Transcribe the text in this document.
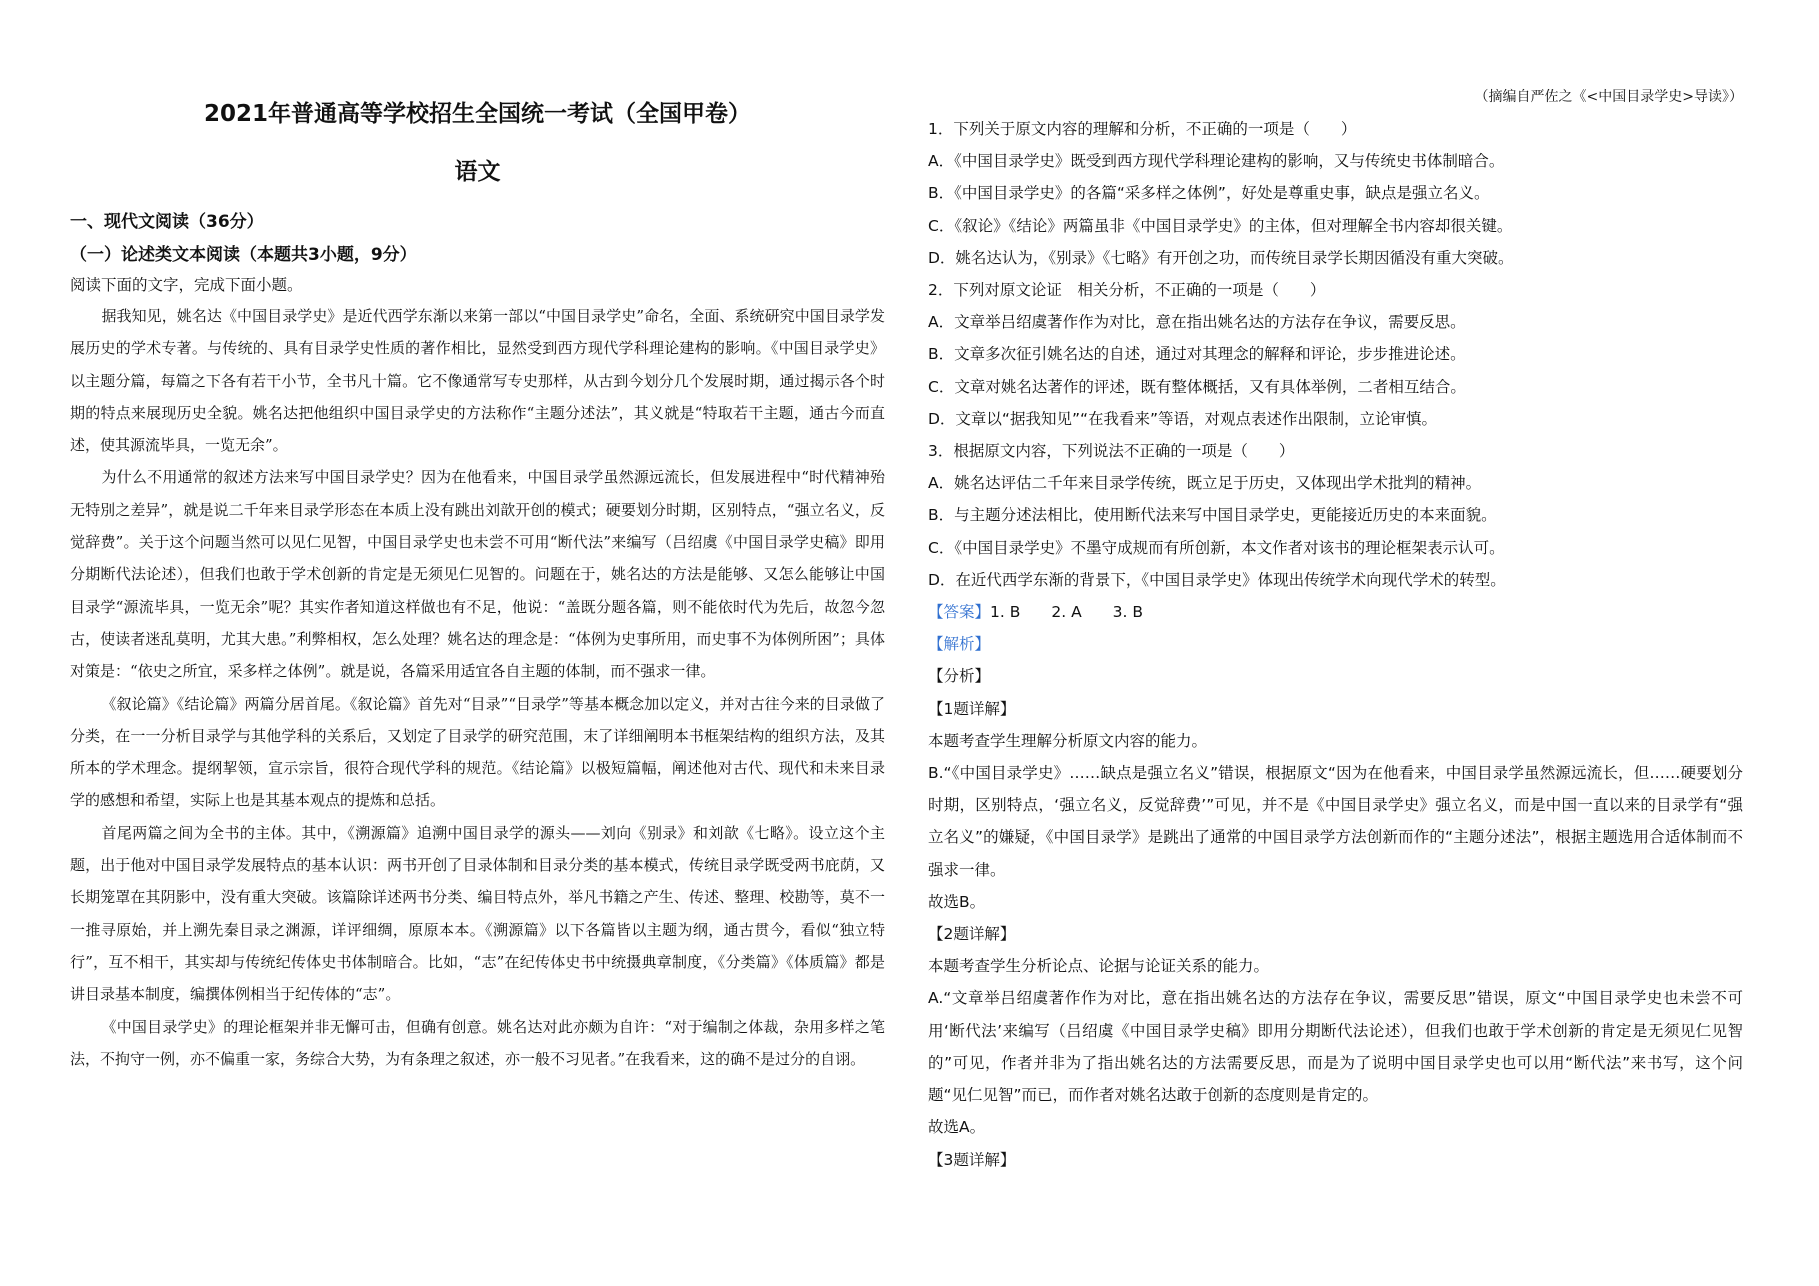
2021年普通高等学校招生全国统一考试（全国甲卷）
语文
一、现代文阅读（36分）
（一）论述类文本阅读（本题共3小题，9分）
阅读下面的文字，完成下面小题。

据我知见，姚名达《中国目录学史》是近代西学东渐以来第一部以“中国目录学史”命名，全面、系统研究中国目录学发展历史的学术专著。与传统的、具有目录学史性质的著作相比，显然受到西方现代学科理论建构的影响。《中国目录学史》以主题分篇，每篇之下各有若干小节，全书凡十篇。它不像通常写专史那样，从古到今划分几个发展时期，通过揭示各个时期的特点来展现历史全貌。姚名达把他组织中国目录学史的方法称作“主题分述法”，其义就是“特取若干主题，通古今而直述，使其源流毕具，一览无余”。

为什么不用通常的叙述方法来写中国目录学史？因为在他看来，中国目录学虽然源远流长，但发展进程中“时代精神殆无特別之差异”，就是说二千年来目录学形态在本质上没有跳出刘歆开创的模式；硬要划分时期，区别特点，“强立名义，反觉辞费”。关于这个问题当然可以见仁见智，中国目录学史也未尝不可用“断代法”来编写（吕绍虞《中国目录学史稿》即用分期断代法论述），但我们也敢于学术创新的肯定是无须见仁见智的。问题在于，姚名达的方法是能够、又怎么能够让中国目录学“源流毕具，一览无余”呢？其实作者知道这样做也有不足，他说：“盖既分题各篇，则不能依时代为先后，故忽今忽古，使读者迷乱莫明，尤其大患。”利弊相权，怎么处理？姚名达的理念是：“体例为史事所用，而史事不为体例所困”；具体对策是：“依史之所宜，采多样之体例”。就是说，各篇采用适宜各自主题的体制，而不强求一律。

《叙论篇》《结论篇》两篇分居首尾。《叙论篇》首先对“目录”“目录学”等基本概念加以定义，并对古往今来的目录做了分类，在一一分析目录学与其他学科的关系后，又划定了目录学的研究范围，末了详细阐明本书框架结构的组织方法，及其所本的学术理念。提纲挈领，宣示宗旨，很符合现代学科的规范。《结论篇》以极短篇幅，阐述他对古代、现代和未来目录学的感想和希望，实际上也是其基本观点的提炼和总括。

首尾两篇之间为全书的主体。其中，《溯源篇》追溯中国目录学的源头——刘向《别录》和刘歆《七略》。设立这个主题，出于他对中国目录学发展特点的基本认识：两书开创了目录体制和目录分类的基本模式，传统目录学既受两书庇荫，又长期笼罩在其阴影中，没有重大突破。该篇除详述两书分类、编目特点外，举凡书籍之产生、传述、整理、校勘等，莫不一一推寻原始，并上溯先秦目录之渊源，详评细绸，原原本本。《溯源篇》以下各篇皆以主题为纲，通古贯今，看似“独立特行”，互不相干，其实却与传统纪传体史书体制暗合。比如，“志”在纪传体史书中统摄典章制度，《分类篇》《体质篇》都是讲目录基本制度，编撰体例相当于纪传体的“志”。

《中国目录学史》的理论框架并非无懈可击，但确有创意。姚名达对此亦颇为自许：“对于编制之体裁，杂用多样之笔法，不拘守一例，亦不偏重一家，务综合大势，为有条理之叙述，亦一般不习见者。”在我看来，这的确不是过分的自诩。

（摘编自严佐之《<中国目录学史>导读》）
1．下列关于原文内容的理解和分析，不正确的一项是（　　）
A．《中国目录学史》既受到西方现代学科理论建构的影响，又与传统史书体制暗合。
B．《中国目录学史》的各篇“采多样之体例”，好处是尊重史事，缺点是强立名义。
C．《叙论》《结论》两篇虽非《中国目录学史》的主体，但对理解全书内容却很关键。
D．姚名达认为，《别录》《七略》有开创之功，而传统目录学长期因循没有重大突破。
2．下列对原文论证　相关分析，不正确的一项是（　　）
A．文章举吕绍虞著作作为对比，意在指出姚名达的方法存在争议，需要反思。
B．文章多次征引姚名达的自述，通过对其理念的解释和评论，步步推进论述。
C．文章对姚名达著作的评述，既有整体概括，又有具体举例，二者相互结合。
D．文章以“据我知见”“在我看来”等语，对观点表述作出限制，立论审慎。
3．根据原文内容，下列说法不正确的一项是（　　）
A．姚名达评估二千年来目录学传统，既立足于历史，又体现出学术批判的精神。
B．与主题分述法相比，使用断代法来写中国目录学史，更能接近历史的本来面貌。
C．《中国目录学史》不墨守成规而有所创新，本文作者对该书的理论框架表示认可。
D．在近代西学东渐的背景下，《中国目录学史》体现出传统学术向现代学术的转型。
【答案】1. B　　2. A　　3. B
【解析】
【分析】
【1题详解】
本题考查学生理解分析原文内容的能力。
B.“《中国目录学史》……缺点是强立名义”错误，根据原文“因为在他看来，中国目录学虽然源远流长，但……硬要划分时期，区别特点，‘强立名义，反觉辞费’”可见，并不是《中国目录学史》强立名义，而是中国一直以来的目录学有“强立名义”的嫌疑，《中国目录学》是跳出了通常的中国目录学方法创新而作的“主题分述法”，根据主题选用合适体制而不强求一律。
故选B。
【2题详解】
本题考查学生分析论点、论据与论证关系的能力。
A.“文章举吕绍虞著作作为对比，意在指出姚名达的方法存在争议，需要反思”错误，原文“中国目录学史也未尝不可用‘断代法’来编写（吕绍虞《中国目录学史稿》即用分期断代法论述），但我们也敢于学术创新的肯定是无须见仁见智的”可见，作者并非为了指出姚名达的方法需要反思，而是为了说明中国目录学史也可以用“断代法”来书写，这个问题“见仁见智”而已，而作者对姚名达敢于创新的态度则是肯定的。
故选A。
【3题详解】
